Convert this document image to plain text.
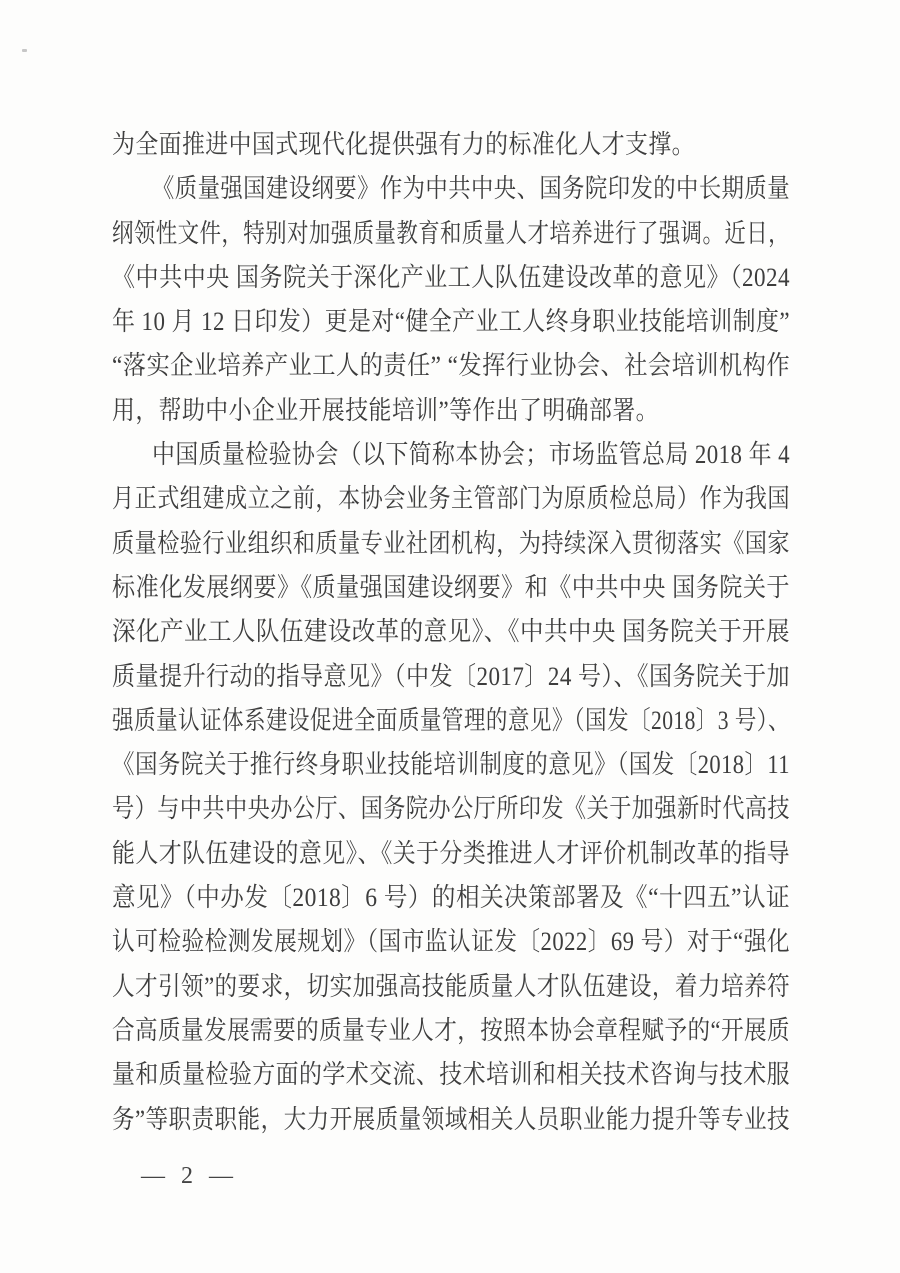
为全面推进中国式现代化提供强有力的标准化人才支撑。
《质量强国建设纲要》作为中共中央、国务院印发的中长期质量
纲领性文件，特别对加强质量教育和质量人才培养进行了强调。近日，
《中共中央 国务院关于深化产业工人队伍建设改革的意见》（2024
年 10 月 12 日印发）更是对“健全产业工人终身职业技能培训制度”
“落实企业培养产业工人的责任” “发挥行业协会、社会培训机构作
用，帮助中小企业开展技能培训”等作出了明确部署。
中国质量检验协会（以下简称本协会；市场监管总局 2018 年 4
月正式组建成立之前，本协会业务主管部门为原质检总局）作为我国
质量检验行业组织和质量专业社团机构，为持续深入贯彻落实《国家
标准化发展纲要》《质量强国建设纲要》和《中共中央 国务院关于
深化产业工人队伍建设改革的意见》、《中共中央 国务院关于开展
质量提升行动的指导意见》（中发〔2017〕24 号）、《国务院关于加
强质量认证体系建设促进全面质量管理的意见》（国发〔2018〕3 号）、
《国务院关于推行终身职业技能培训制度的意见》（国发〔2018〕11
号）与中共中央办公厅、国务院办公厅所印发《关于加强新时代高技
能人才队伍建设的意见》、《关于分类推进人才评价机制改革的指导
意见》（中办发〔2018〕6 号）的相关决策部署及《“十四五”认证
认可检验检测发展规划》（国市监认证发〔2022〕69 号）对于“强化
人才引领”的要求，切实加强高技能质量人才队伍建设，着力培养符
合高质量发展需要的质量专业人才，按照本协会章程赋予的“开展质
量和质量检验方面的学术交流、技术培训和相关技术咨询与技术服
务”等职责职能，大力开展质量领域相关人员职业能力提升等专业技
— 2 —
